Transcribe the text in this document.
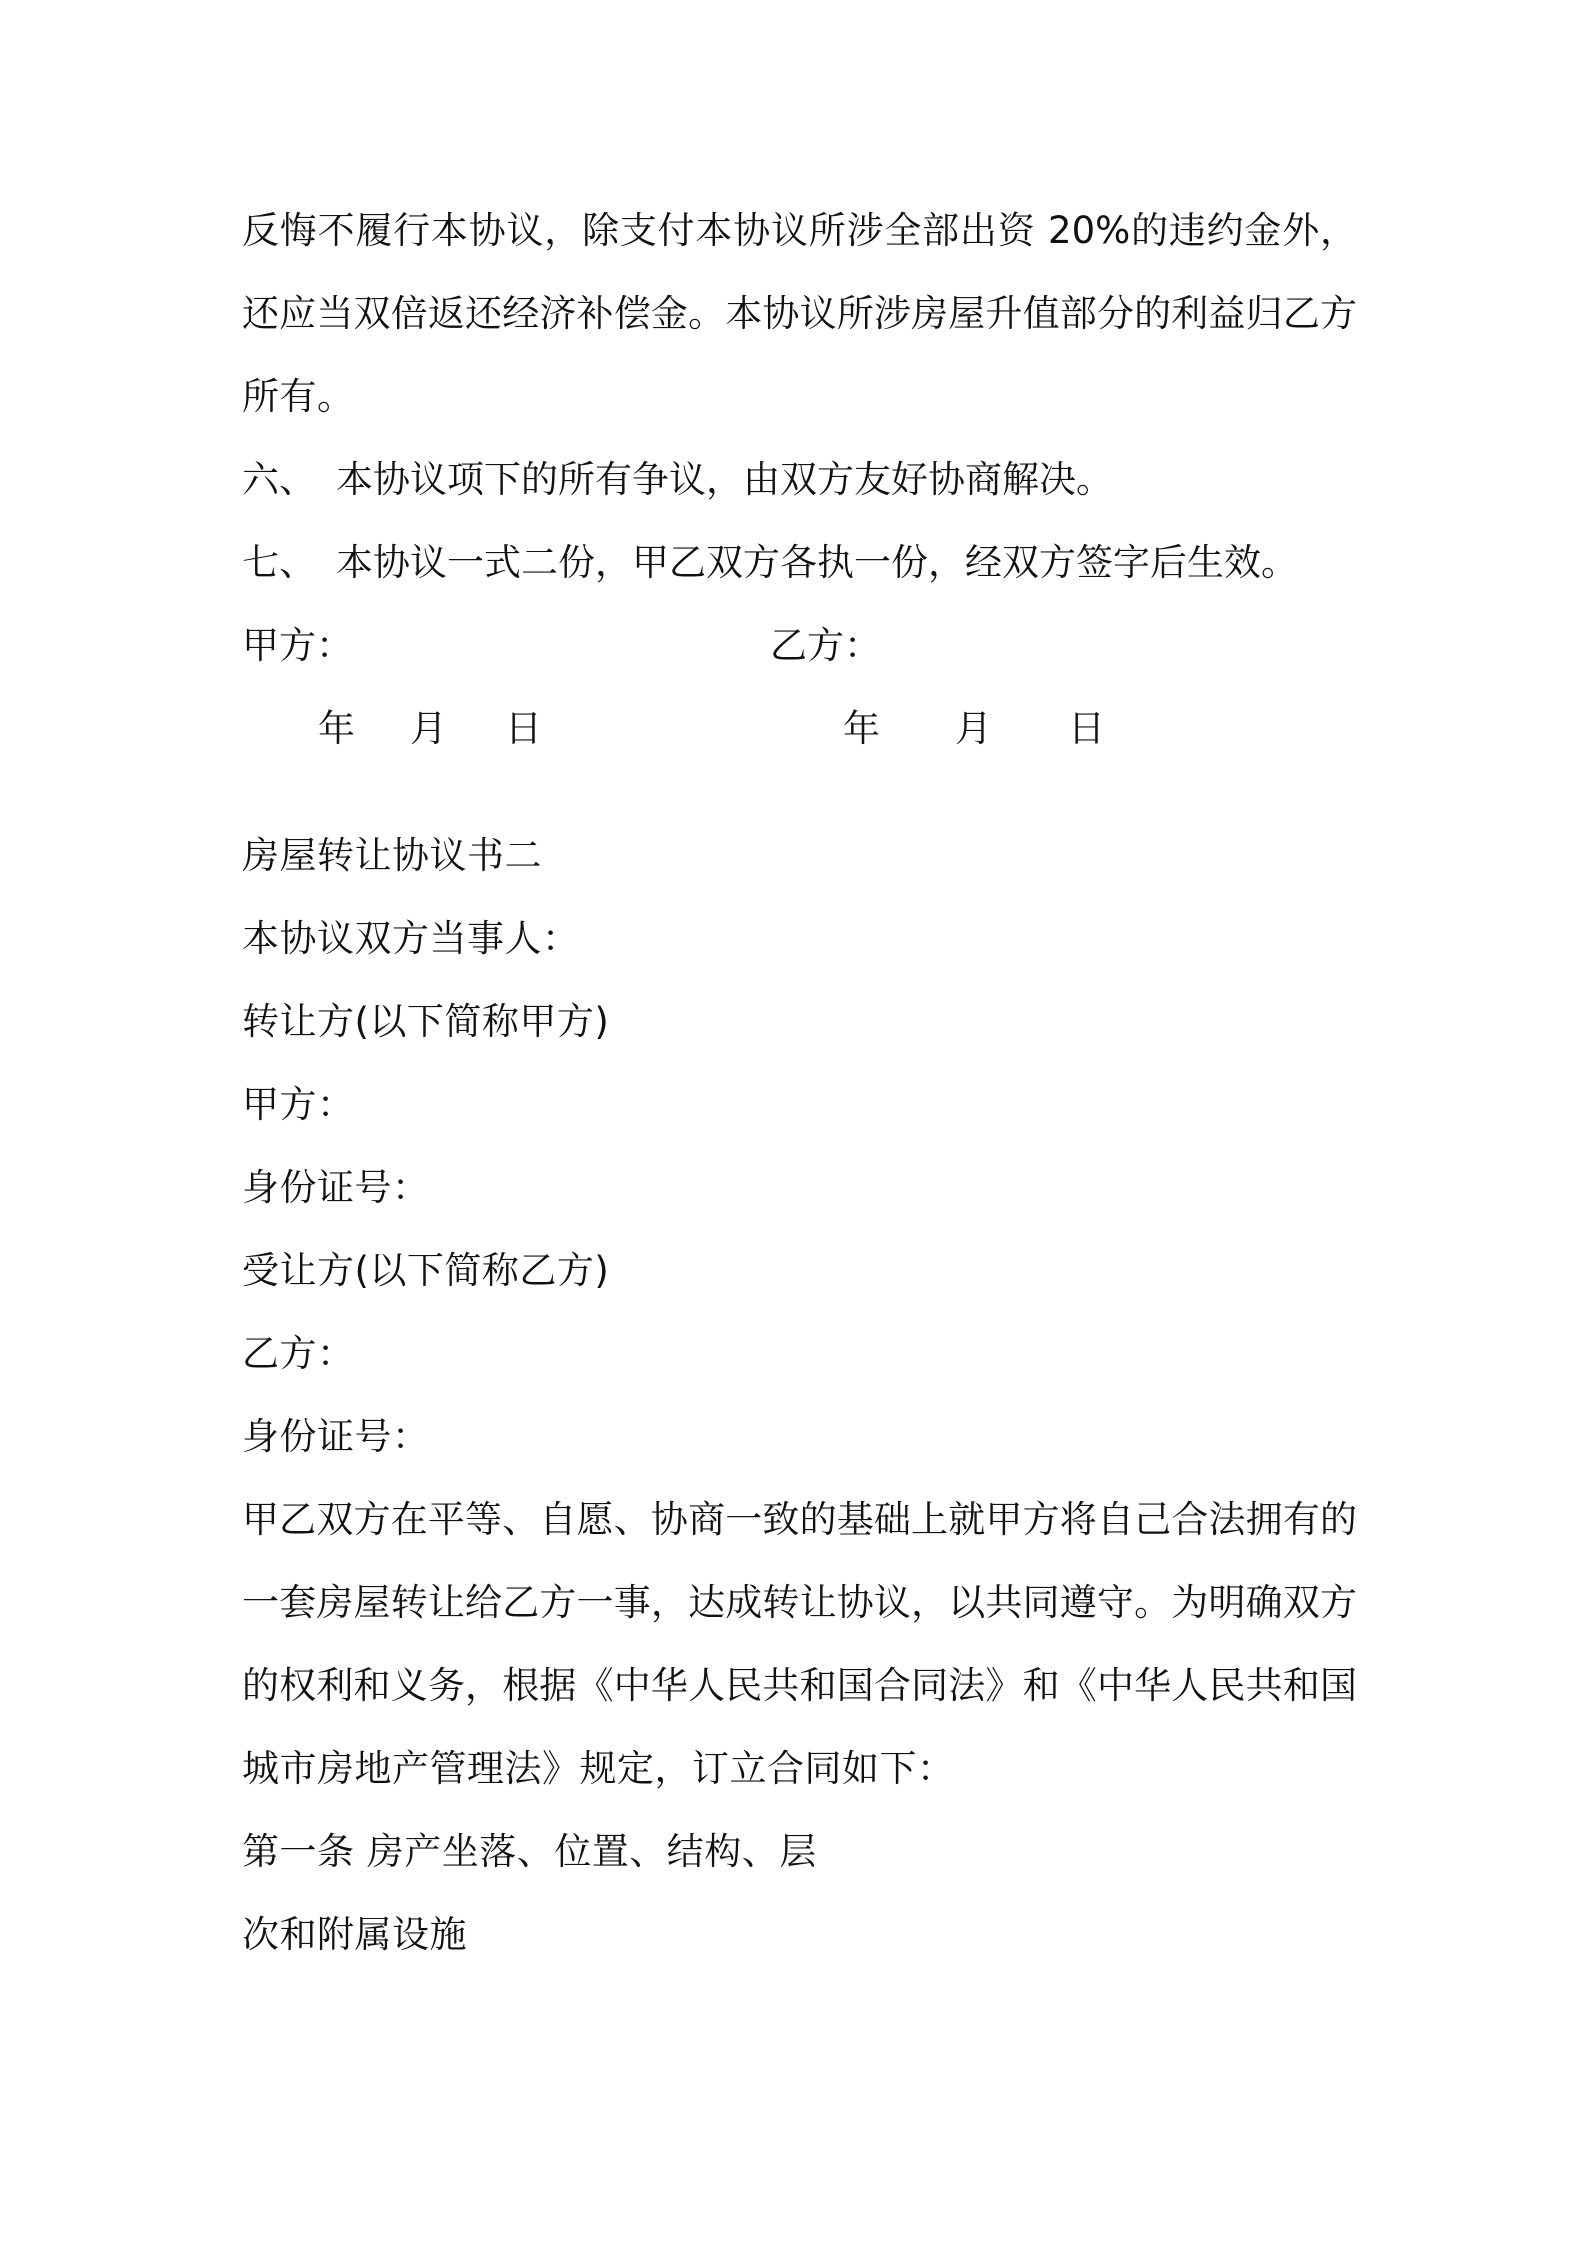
反悔不履行本协议，除支付本协议所涉全部出资 20%的违约金外，
还应当双倍返还经济补偿金。本协议所涉房屋升值部分的利益归乙方
所有。
六、 本协议项下的所有争议，由双方友好协商解决。
七、 本协议一式二份，甲乙双方各执一份，经双方签字后生效。
甲方：	乙方：
年 月 日	年 月 日
房屋转让协议书二
本协议双方当事人：
转让方(以下简称甲方)
甲方：
身份证号：
受让方(以下简称乙方)
乙方：
身份证号：
甲乙双方在平等、自愿、协商一致的基础上就甲方将自己合法拥有的
一套房屋转让给乙方一事，达成转让协议，以共同遵守。为明确双方
的权利和义务，根据《中华人民共和国合同法》和《中华人民共和国
城市房地产管理法》规定，订立合同如下：
第一条 房产坐落、位置、结构、层
次和附属设施
